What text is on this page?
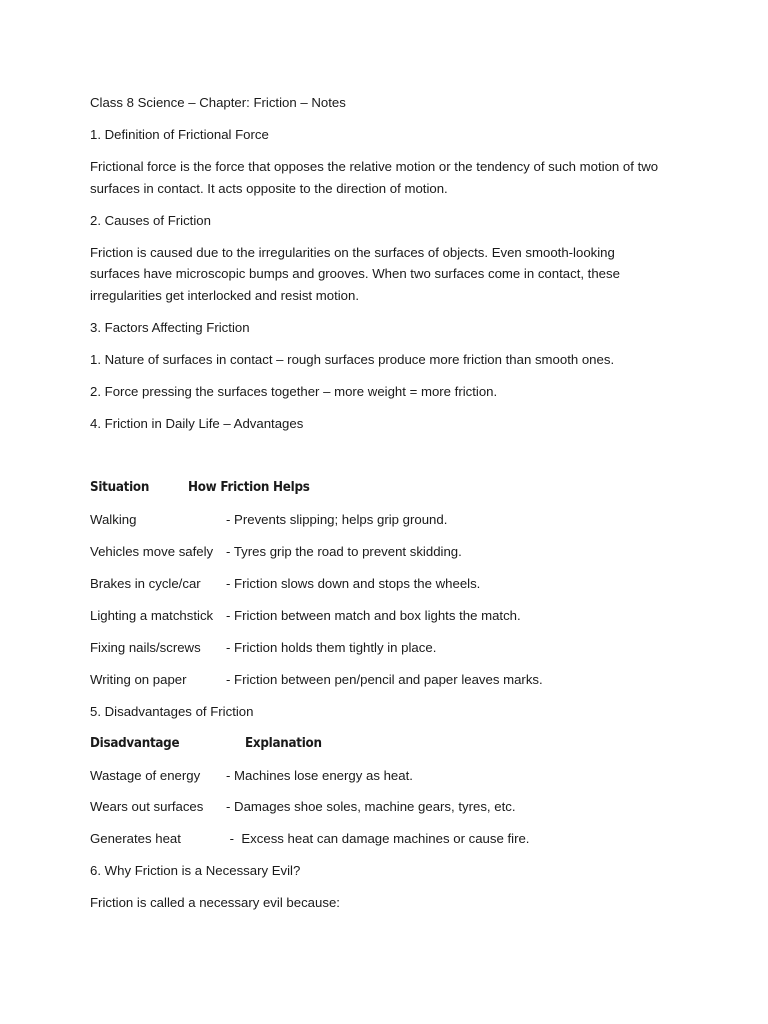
Class 8 Science – Chapter: Friction – Notes

1. Definition of Frictional Force

Frictional force is the force that opposes the relative motion or the tendency of such motion of two surfaces in contact. It acts opposite to the direction of motion.

2. Causes of Friction

Friction is caused due to the irregularities on the surfaces of objects. Even smooth-looking surfaces have microscopic bumps and grooves. When two surfaces come in contact, these irregularities get interlocked and resist motion.

3. Factors Affecting Friction

1. Nature of surfaces in contact – rough surfaces produce more friction than smooth ones.

2. Force pressing the surfaces together – more weight = more friction.

4. Friction in Daily Life – Advantages

Situation	How Friction Helps
Walking	- Prevents slipping; helps grip ground.
Vehicles move safely - Tyres grip the road to prevent skidding.
Brakes in cycle/car	- Friction slows down and stops the wheels.
Lighting a matchstick - Friction between match and box lights the match.
Fixing nails/screws	- Friction holds them tightly in place.
Writing on paper	- Friction between pen/pencil and paper leaves marks.

5. Disadvantages of Friction

Disadvantage	Explanation
Wastage of energy	- Machines lose energy as heat.
Wears out surfaces	- Damages shoe soles, machine gears, tyres, etc.
Generates heat	-  Excess heat can damage machines or cause fire.

6. Why Friction is a Necessary Evil?

Friction is called a necessary evil because:
